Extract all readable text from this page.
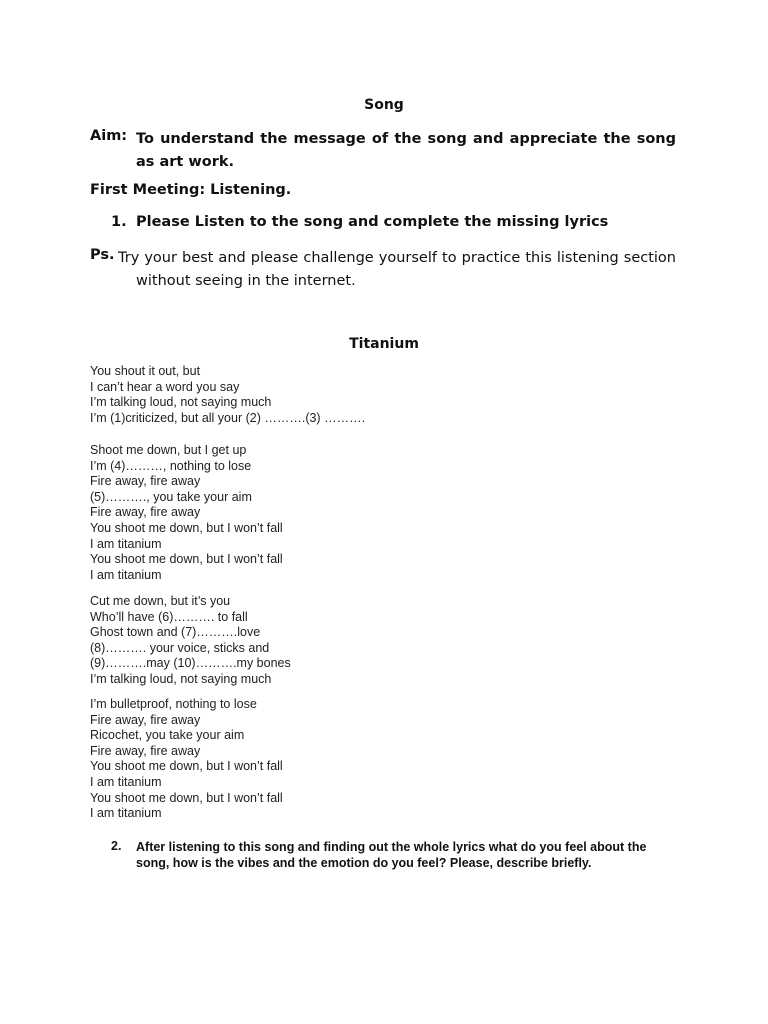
Song
Aim: To understand the message of the song and appreciate the song as art work.
First Meeting: Listening.
1. Please Listen to the song and complete the missing lyrics
Ps. Try your best and please challenge yourself to practice this listening section
without seeing in the internet.
Titanium
You shout it out, but
I can’t hear a word you say
I’m talking loud, not saying much
I’m (1)criticized, but all your (2) ……….(3) ……….
Shoot me down, but I get up
I’m (4)………, nothing to lose
Fire away, fire away
(5)………., you take your aim
Fire away, fire away
You shoot me down, but I won’t fall
I am titanium
You shoot me down, but I won’t fall
I am titanium
Cut me down, but it’s you
Who’ll have (6)………. to fall
Ghost town and (7)……….love
(8)………. your voice, sticks and
(9)……….may (10)……….my bones
I’m talking loud, not saying much
I’m bulletproof, nothing to lose
Fire away, fire away
Ricochet, you take your aim
Fire away, fire away
You shoot me down, but I won’t fall
I am titanium
You shoot me down, but I won’t fall
I am titanium
2. After listening to this song and finding out the whole lyrics what do you feel about the song, how is the vibes and the emotion do you feel? Please, describe briefly.
